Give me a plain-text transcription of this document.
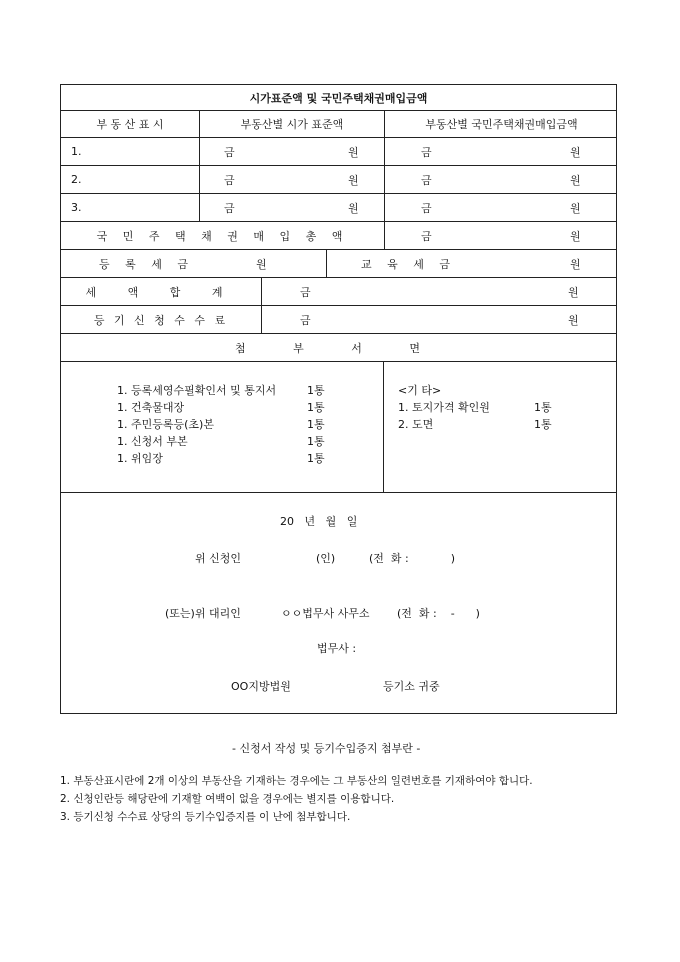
시가표준액 및 국민주택채권매입금액
부 동 산 표 시	부동산별 시가 표준액	부동산별 국민주택채권매입금액
1.	금	원	금	원
2.	금	원	금	원
3.	금	원	금	원
국 민 주 택 채 권 매 입 총 액	금	원
등 록 세 금	원	교 육 세 금	원
세 액 합 계	금	원
등 기 신 청 수 수 료	금	원
첨 부 서 면
1. 등록세영수필확인서 및 통지서	1통
1. 건축물대장	1통
1. 주민등록등(초)본	1통
1. 신청서 부본	1통
1. 위임장	1통
<기 타>
1. 토지가격 확인원	1통
2. 도면	1통
20   년   월   일
위 신청인	(인)	(전  화 :            )
(또는)위 대리인	ㅇㅇ법무사 사무소 (전  화 :    -      )
법무사 :
OO지방법원	등기소 귀중
- 신청서 작성 및 등기수입증지 첨부란 -
1. 부동산표시란에 2개 이상의 부동산을 기재하는 경우에는 그 부동산의 일련번호를 기재하여야 합니다.
2. 신청인란등 해당란에 기재할 여백이 없을 경우에는 별지를 이용합니다.
3. 등기신청 수수료 상당의 등기수입증지를 이 난에 첨부합니다.
